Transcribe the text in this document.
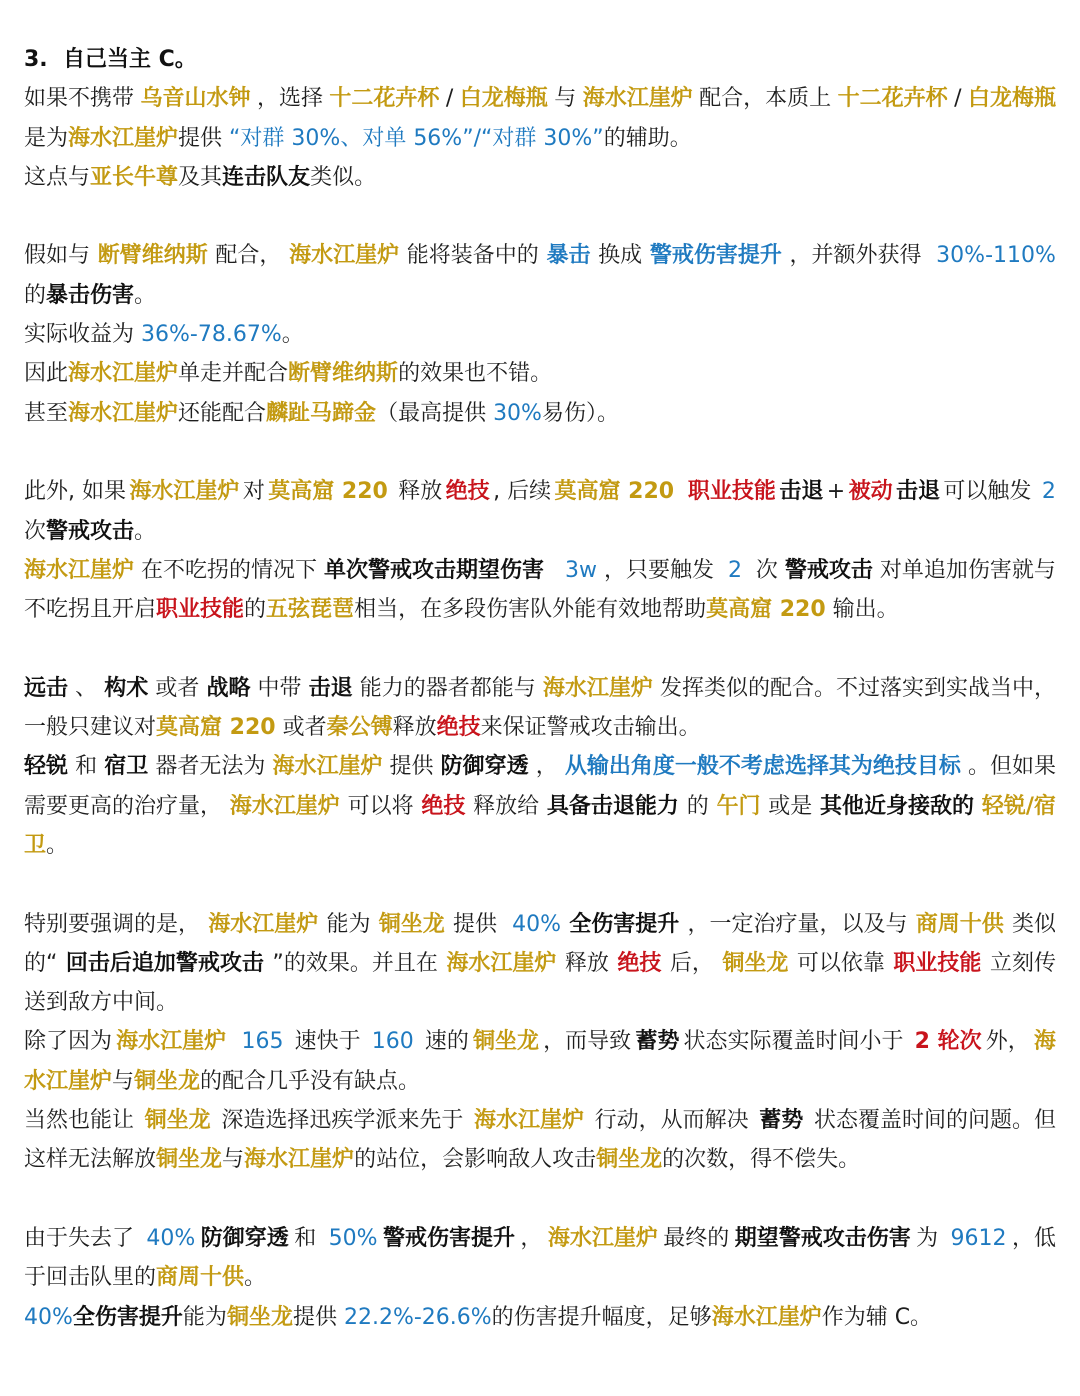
3.  自己当主 C。
如果不携带 乌音山水钟 ，选择 十二花卉杯 / 白龙梅瓶 与 海水江崖炉 配合，本质上 十二花卉杯 / 白龙梅瓶
是为海水江崖炉提供 “对群 30%、对单 56%”/“对群 30%”的辅助。
这点与亚长牛尊及其连击队友类似。
假如与 断臂维纳斯 配合， 海水江崖炉 能将装备中的 暴击 换成 警戒伤害提升 ，并额外获得 30%-110%
的暴击伤害。
实际收益为 36%-78.67%。
因此海水江崖炉单走并配合断臂维纳斯的效果也不错。
甚至海水江崖炉还能配合麟趾马蹄金（最高提供 30%易伤）。
此外, 如果 海水江崖炉 对 莫高窟 220 释放 绝技 , 后续 莫高窟 220
职业技能 击退 + 被动 击退 可以触发 2
次警戒攻击。
海水江崖炉 在不吃拐的情况下 单次警戒攻击期望伤害
3w ，只要触发 2 次 警戒攻击 对单追加伤害就与
不吃拐且开启职业技能的五弦琵琶相当，在多段伤害队外能有效地帮助莫高窟 220 输出。
远击 、 构术 或者 战略 中带 击退 能力的器者都能与 海水江崖炉 发挥类似的配合。不过落实到实战当中，
一般只建议对莫高窟 220 或者秦公镈释放绝技来保证警戒攻击输出。
轻锐 和 宿卫 器者无法为 海水江崖炉 提供 防御穿透 ， 从输出角度一般不考虑选择其为绝技目标 。但如果
需要更高的治疗量， 海水江崖炉 可以将 绝技 释放给 具备击退能力 的 午门 或是 其他近身接敌的 轻锐/宿
卫。
特别要强调的是， 海水江崖炉 能为 铜坐龙 提供 40% 全伤害提升 ，一定治疗量，以及与 商周十供 类似
的“ 回击后追加警戒攻击 ”的效果。并且在 海水江崖炉 释放 绝技 后， 铜坐龙 可以依靠 职业技能 立刻传
送到敌方中间。
除了因为 海水江崖炉
165 速快于 160 速的 铜坐龙 ，而导致 蓄势 状态实际覆盖时间小于 2 轮次 外， 海
水江崖炉与铜坐龙的配合几乎没有缺点。
当然也能让 铜坐龙 深造选择迅疾学派来先于 海水江崖炉 行动，从而解决 蓄势 状态覆盖时间的问题。但
这样无法解放铜坐龙与海水江崖炉的站位，会影响敌人攻击铜坐龙的次数，得不偿失。
由于失去了 40% 防御穿透 和 50% 警戒伤害提升 ， 海水江崖炉 最终的 期望警戒攻击伤害 为 9612 ，低
于回击队里的商周十供。
40%全伤害提升能为铜坐龙提供 22.2%-26.6%的伤害提升幅度，足够海水江崖炉作为辅 C。
